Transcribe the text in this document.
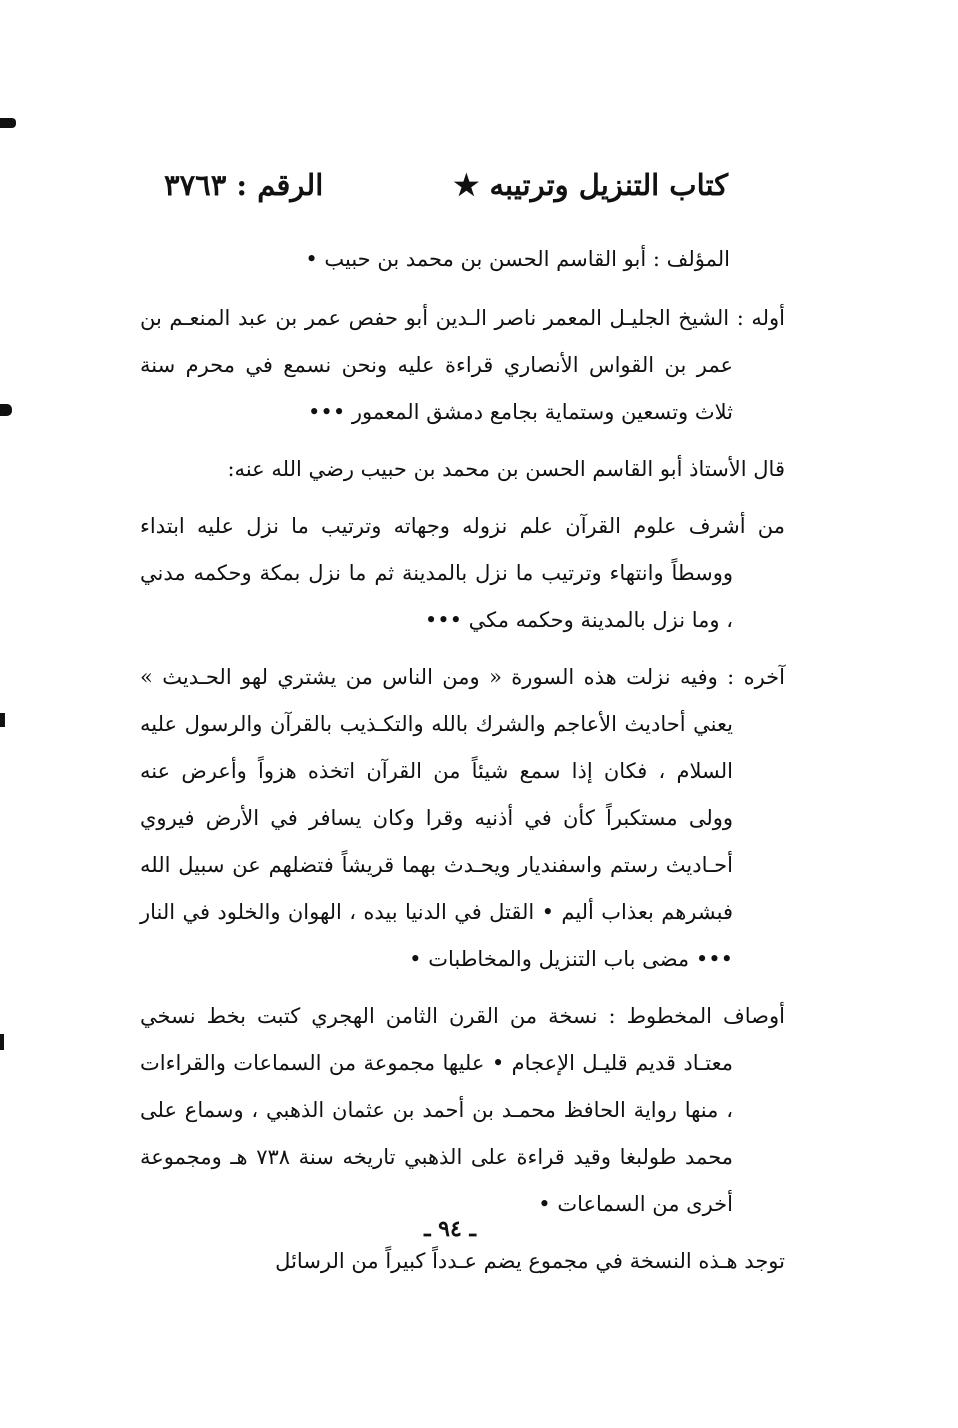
كتاب التنزيل وترتيبه ★
الرقم : ٣٧٦٣

المؤلف : أبو القاسم الحسن بن محمد بن حبيب •

أوله : الشيخ الجليـل المعمر ناصر الـدين أبو حفص عمر بن عبد المنعـم بن عمر بن القواس الأنصاري قراءة عليه ونحن نسمع في محرم سنة ثلاث وتسعين وستماية بجامع دمشق المعمور •••

قال الأستاذ أبو القاسم الحسن بن محمد بن حبيب رضي الله عنه:

من أشرف علوم القرآن علم نزوله وجهاته وترتيب ما نزل عليه ابتداء ووسطاً وانتهاء وترتيب ما نزل بالمدينة ثم ما نزل بمكة وحكمه مدني ، وما نزل بالمدينة وحكمه مكي •••

آخره : وفيه نزلت هذه السورة « ومن الناس من يشتري لهو الحـديث » يعني أحاديث الأعاجم والشرك بالله والتكـذيب بالقرآن والرسول عليه السلام ، فكان إذا سمع شيئاً من القرآن اتخذه هزواً وأعرض عنه وولى مستكبراً كأن في أذنيه وقرا وكان يسافر في الأرض فيروي أحـاديث رستم واسفنديار ويحـدث بهما قريشاً فتضلهم عن سبيل الله فبشرهم بعذاب أليم • القتل في الدنيا بيده ، الهوان والخلود في النار ••• مضى باب التنزيل والمخاطبات •

أوصاف المخطوط : نسخة من القرن الثامن الهجري كتبت بخط نسخي معتـاد قديم قليـل الإعجام • عليها مجموعة من السماعات والقراءات ، منها رواية الحافظ محمـد بن أحمد بن عثمان الذهبي ، وسماع على محمد طولبغا وقيد قراءة على الذهبي تاريخه سنة ٧٣٨ هـ ومجموعة أخرى من السماعات •

توجد هـذه النسخة في مجموع يضم عـدداً كبيراً من الرسائل

ـ ٩٤ ـ
